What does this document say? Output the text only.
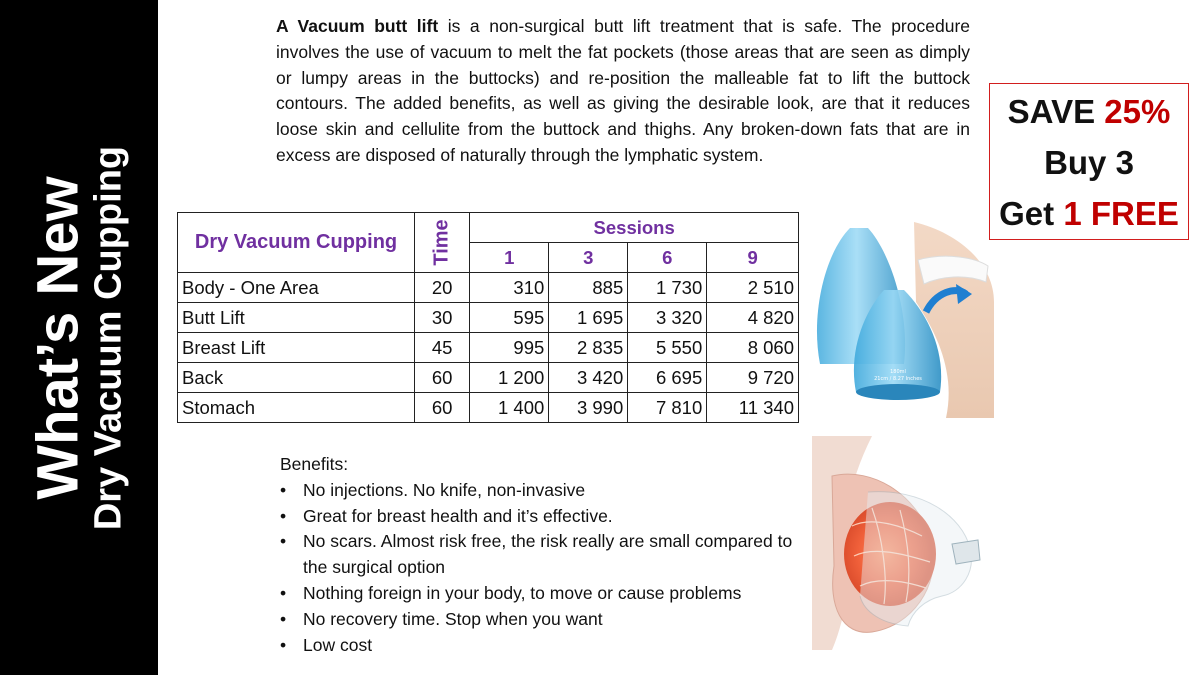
What’s New
Dry Vacuum Cupping

A Vacuum butt lift is a non-surgical butt lift treatment that is safe. The procedure involves the use of vacuum to melt the fat pockets (those areas that are seen as dimply or lumpy areas in the buttocks) and re-position the malleable fat to lift the buttock contours. The added benefits, as well as giving the desirable look, are that it reduces loose skin and cellulite from the buttock and thighs. Any broken-down fats that are in excess are disposed of naturally through the lymphatic system.

SAVE 25%
Buy 3
Get 1 FREE
Dry Vacuum Cupping	Time	Sessions			
		1	3	6	9
Body - One Area	20	310	885	1 730	2 510
Butt Lift	30	595	1 695	3 320	4 820
Breast Lift	45	995	2 835	5 550	8 060
Back	60	1 200	3 420	6 695	9 720
Stomach	60	1 400	3 990	7 810	11 340
Benefits:
• No injections. No knife, non-invasive
• Great for breast health and it’s effective.
• No scars. Almost risk free, the risk really are small compared to the surgical option
• Nothing foreign in your body, to move or cause problems
• No recovery time. Stop when you want
• Low cost
180ml
21cm / 8.27 Inches
